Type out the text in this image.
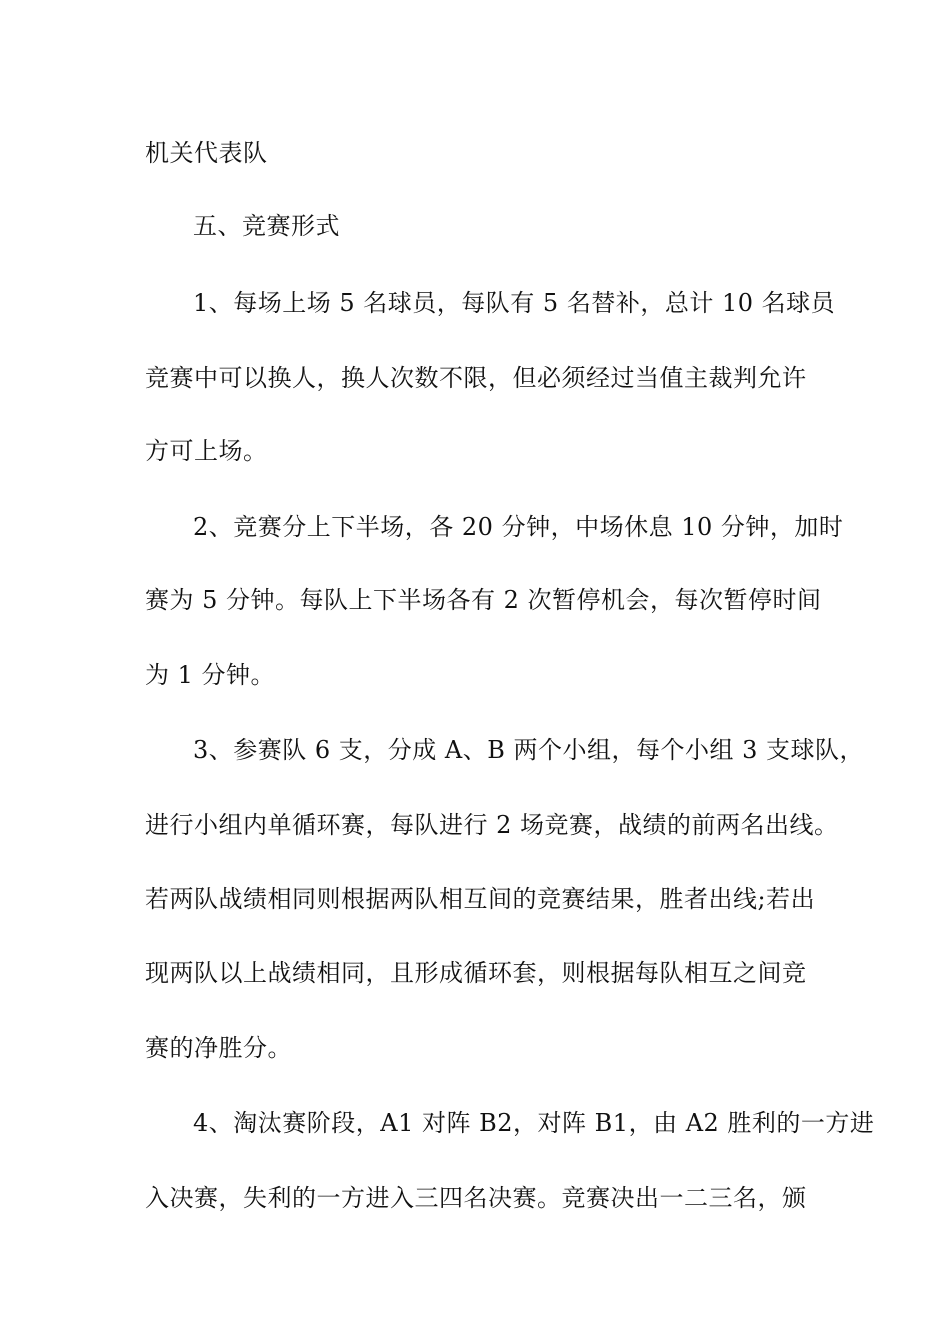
机关代表队
五、竞赛形式
1、每场上场 5 名球员，每队有 5 名替补，总计 10 名球员
竞赛中可以换人，换人次数不限，但必须经过当值主裁判允许
方可上场。
2、竞赛分上下半场，各 20 分钟，中场休息 10 分钟，加时
赛为 5 分钟。每队上下半场各有 2 次暂停机会，每次暂停时间
为 1 分钟。
3、参赛队 6 支，分成 A、B 两个小组，每个小组 3 支球队，
进行小组内单循环赛，每队进行 2 场竞赛，战绩的前两名出线。
若两队战绩相同则根据两队相互间的竞赛结果，胜者出线;若出
现两队以上战绩相同，且形成循环套，则根据每队相互之间竞
赛的净胜分。
4、淘汰赛阶段，A1 对阵 B2，对阵 B1，由 A2 胜利的一方进
入决赛，失利的一方进入三四名决赛。竞赛决出一二三名，颁
